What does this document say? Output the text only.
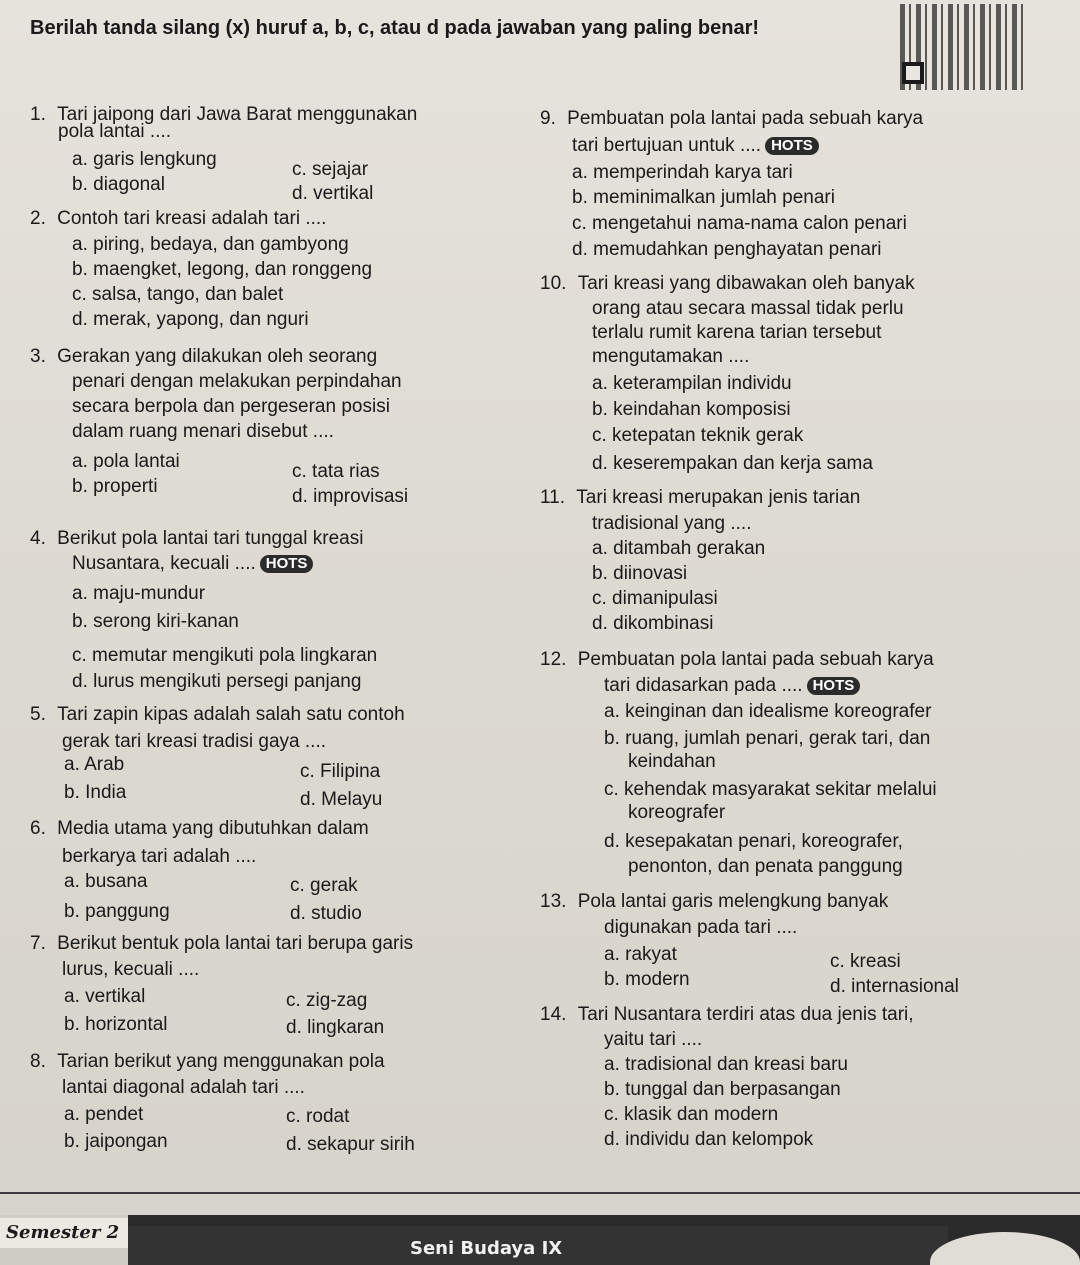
Berilah tanda silang (x) huruf a, b, c, atau d pada jawaban yang paling benar!
1. Tari jaipong dari Jawa Barat menggunakan
pola lantai ....
a. garis lengkung
b. diagonal
c. sejajar
d. vertikal
2. Contoh tari kreasi adalah tari ....
a. piring, bedaya, dan gambyong
b. maengket, legong, dan ronggeng
c. salsa, tango, dan balet
d. merak, yapong, dan nguri
3. Gerakan yang dilakukan oleh seorang
penari dengan melakukan perpindahan
secara berpola dan pergeseran posisi
dalam ruang menari disebut ....
a. pola lantai
b. properti
c. tata rias
d. improvisasi
4. Berikut pola lantai tari tunggal kreasi
Nusantara, kecuali .... HOTS
a. maju-mundur
b. serong kiri-kanan
c. memutar mengikuti pola lingkaran
d. lurus mengikuti persegi panjang
5. Tari zapin kipas adalah salah satu contoh
gerak tari kreasi tradisi gaya ....
a. Arab
b. India
c. Filipina
d. Melayu
6. Media utama yang dibutuhkan dalam
berkarya tari adalah ....
a. busana
b. panggung
c. gerak
d. studio
7. Berikut bentuk pola lantai tari berupa garis
lurus, kecuali ....
a. vertikal
b. horizontal
c. zig-zag
d. lingkaran
8. Tarian berikut yang menggunakan pola
lantai diagonal adalah tari ....
a. pendet
b. jaipongan
c. rodat
d. sekapur sirih
9. Pembuatan pola lantai pada sebuah karya
tari bertujuan untuk .... HOTS
a. memperindah karya tari
b. meminimalkan jumlah penari
c. mengetahui nama-nama calon penari
d. memudahkan penghayatan penari
10. Tari kreasi yang dibawakan oleh banyak
orang atau secara massal tidak perlu
terlalu rumit karena tarian tersebut
mengutamakan ....
a. keterampilan individu
b. keindahan komposisi
c. ketepatan teknik gerak
d. keserempakan dan kerja sama
11. Tari kreasi merupakan jenis tarian
tradisional yang ....
a. ditambah gerakan
b. diinovasi
c. dimanipulasi
d. dikombinasi
12. Pembuatan pola lantai pada sebuah karya
tari didasarkan pada .... HOTS
a. keinginan dan idealisme koreografer
b. ruang, jumlah penari, gerak tari, dan
keindahan
c. kehendak masyarakat sekitar melalui
koreografer
d. kesepakatan penari, koreografer,
penonton, dan penata panggung
13. Pola lantai garis melengkung banyak
digunakan pada tari ....
a. rakyat
b. modern
c. kreasi
d. internasional
14. Tari Nusantara terdiri atas dua jenis tari,
yaitu tari ....
a. tradisional dan kreasi baru
b. tunggal dan berpasangan
c. klasik dan modern
d. individu dan kelompok
Semester 2
Seni Budaya IX
